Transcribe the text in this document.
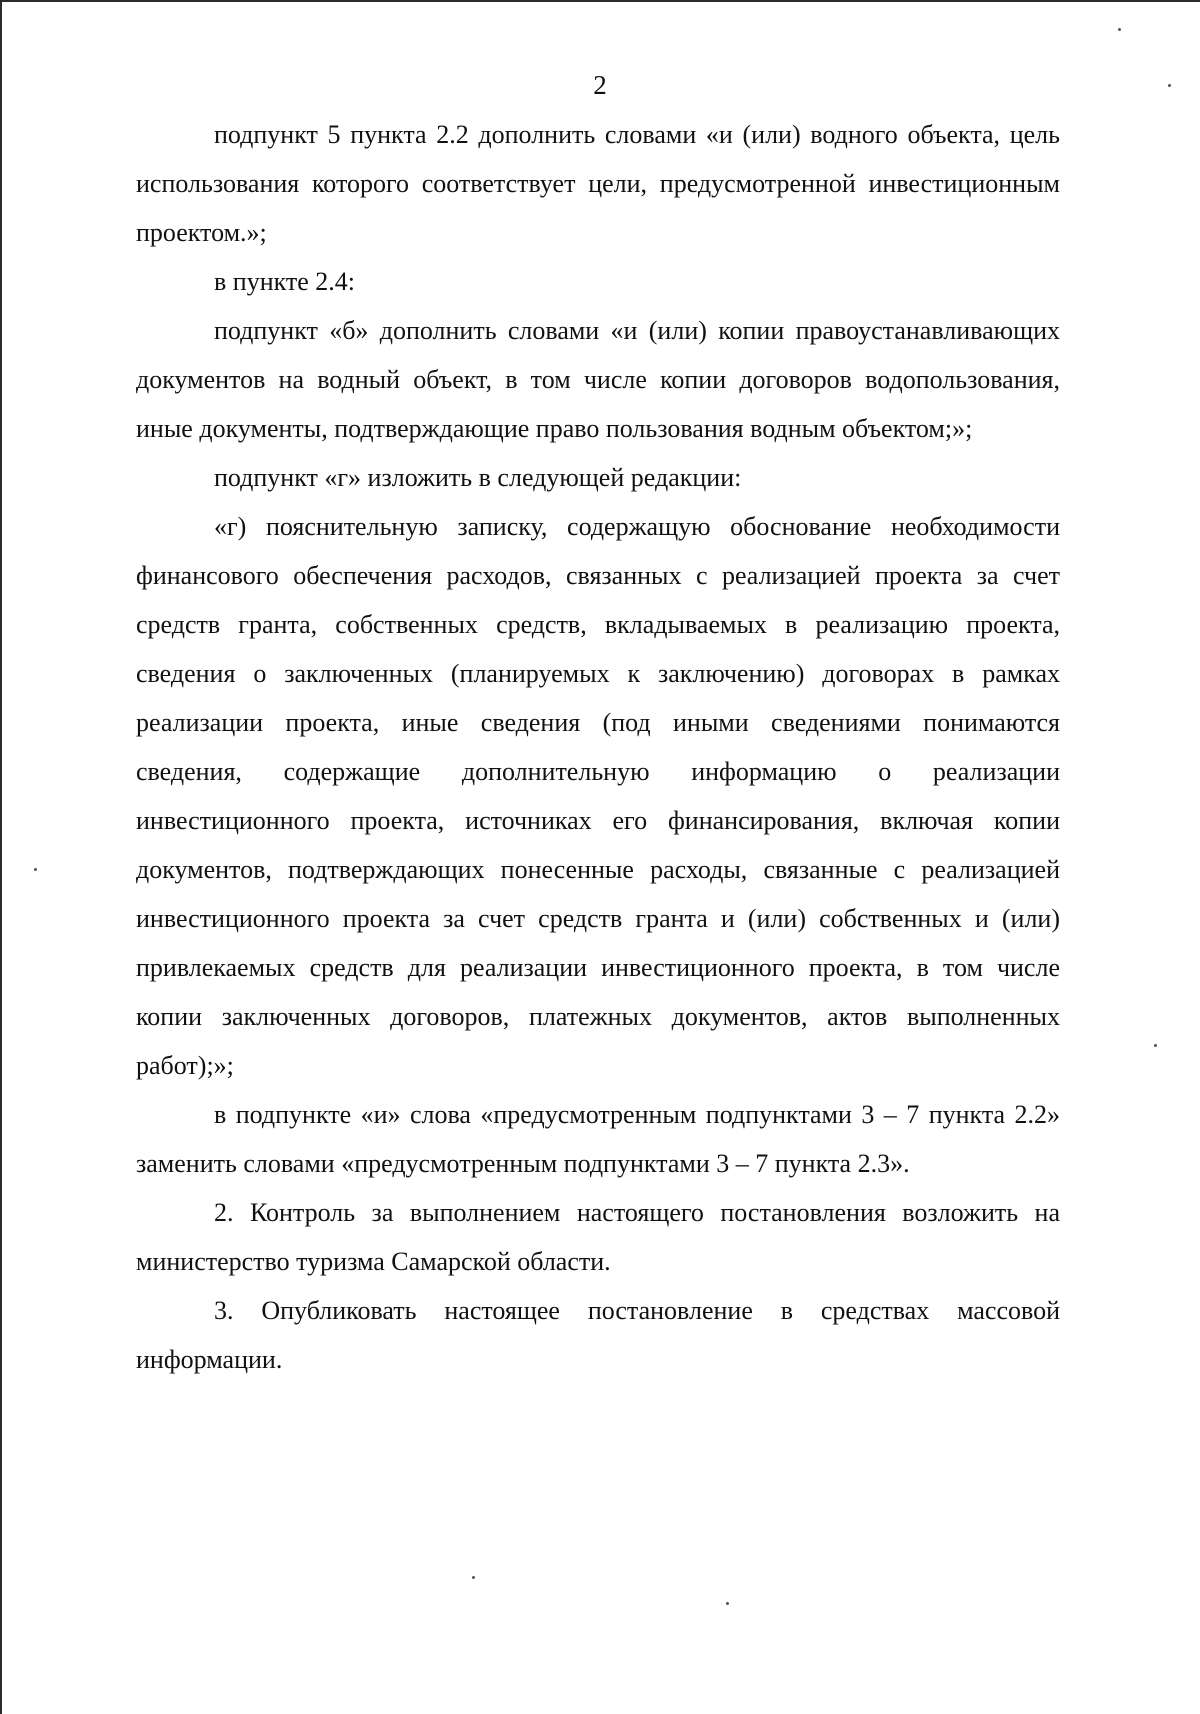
2

подпункт 5 пункта 2.2 дополнить словами «и (или) водного объекта, цель использования которого соответствует цели, предусмотренной инвестиционным проектом.»;

в пункте 2.4:

подпункт «б» дополнить словами «и (или) копии правоустанавливающих документов на водный объект, в том числе копии договоров водопользования, иные документы, подтверждающие право пользования водным объектом;»;

подпункт «г» изложить в следующей редакции:

«г) пояснительную записку, содержащую обоснование необходимости финансового обеспечения расходов, связанных с реализацией проекта за счет средств гранта, собственных средств, вкладываемых в реализацию проекта, сведения о заключенных (планируемых к заключению) договорах в рамках реализации проекта, иные сведения (под иными сведениями понимаются сведения, содержащие дополнительную информацию о реализации инвестиционного проекта, источниках его финансирования, включая копии документов, подтверждающих понесенные расходы, связанные с реализацией инвестиционного проекта за счет средств гранта и (или) собственных и (или) привлекаемых средств для реализации инвестиционного проекта, в том числе копии заключенных договоров, платежных документов, актов выполненных работ);»;

в подпункте «и» слова «предусмотренным подпунктами 3 – 7 пункта 2.2» заменить словами «предусмотренным подпунктами 3 – 7 пункта 2.3».

2. Контроль за выполнением настоящего постановления возложить на министерство туризма Самарской области.

3. Опубликовать настоящее постановление в средствах массовой информации.
